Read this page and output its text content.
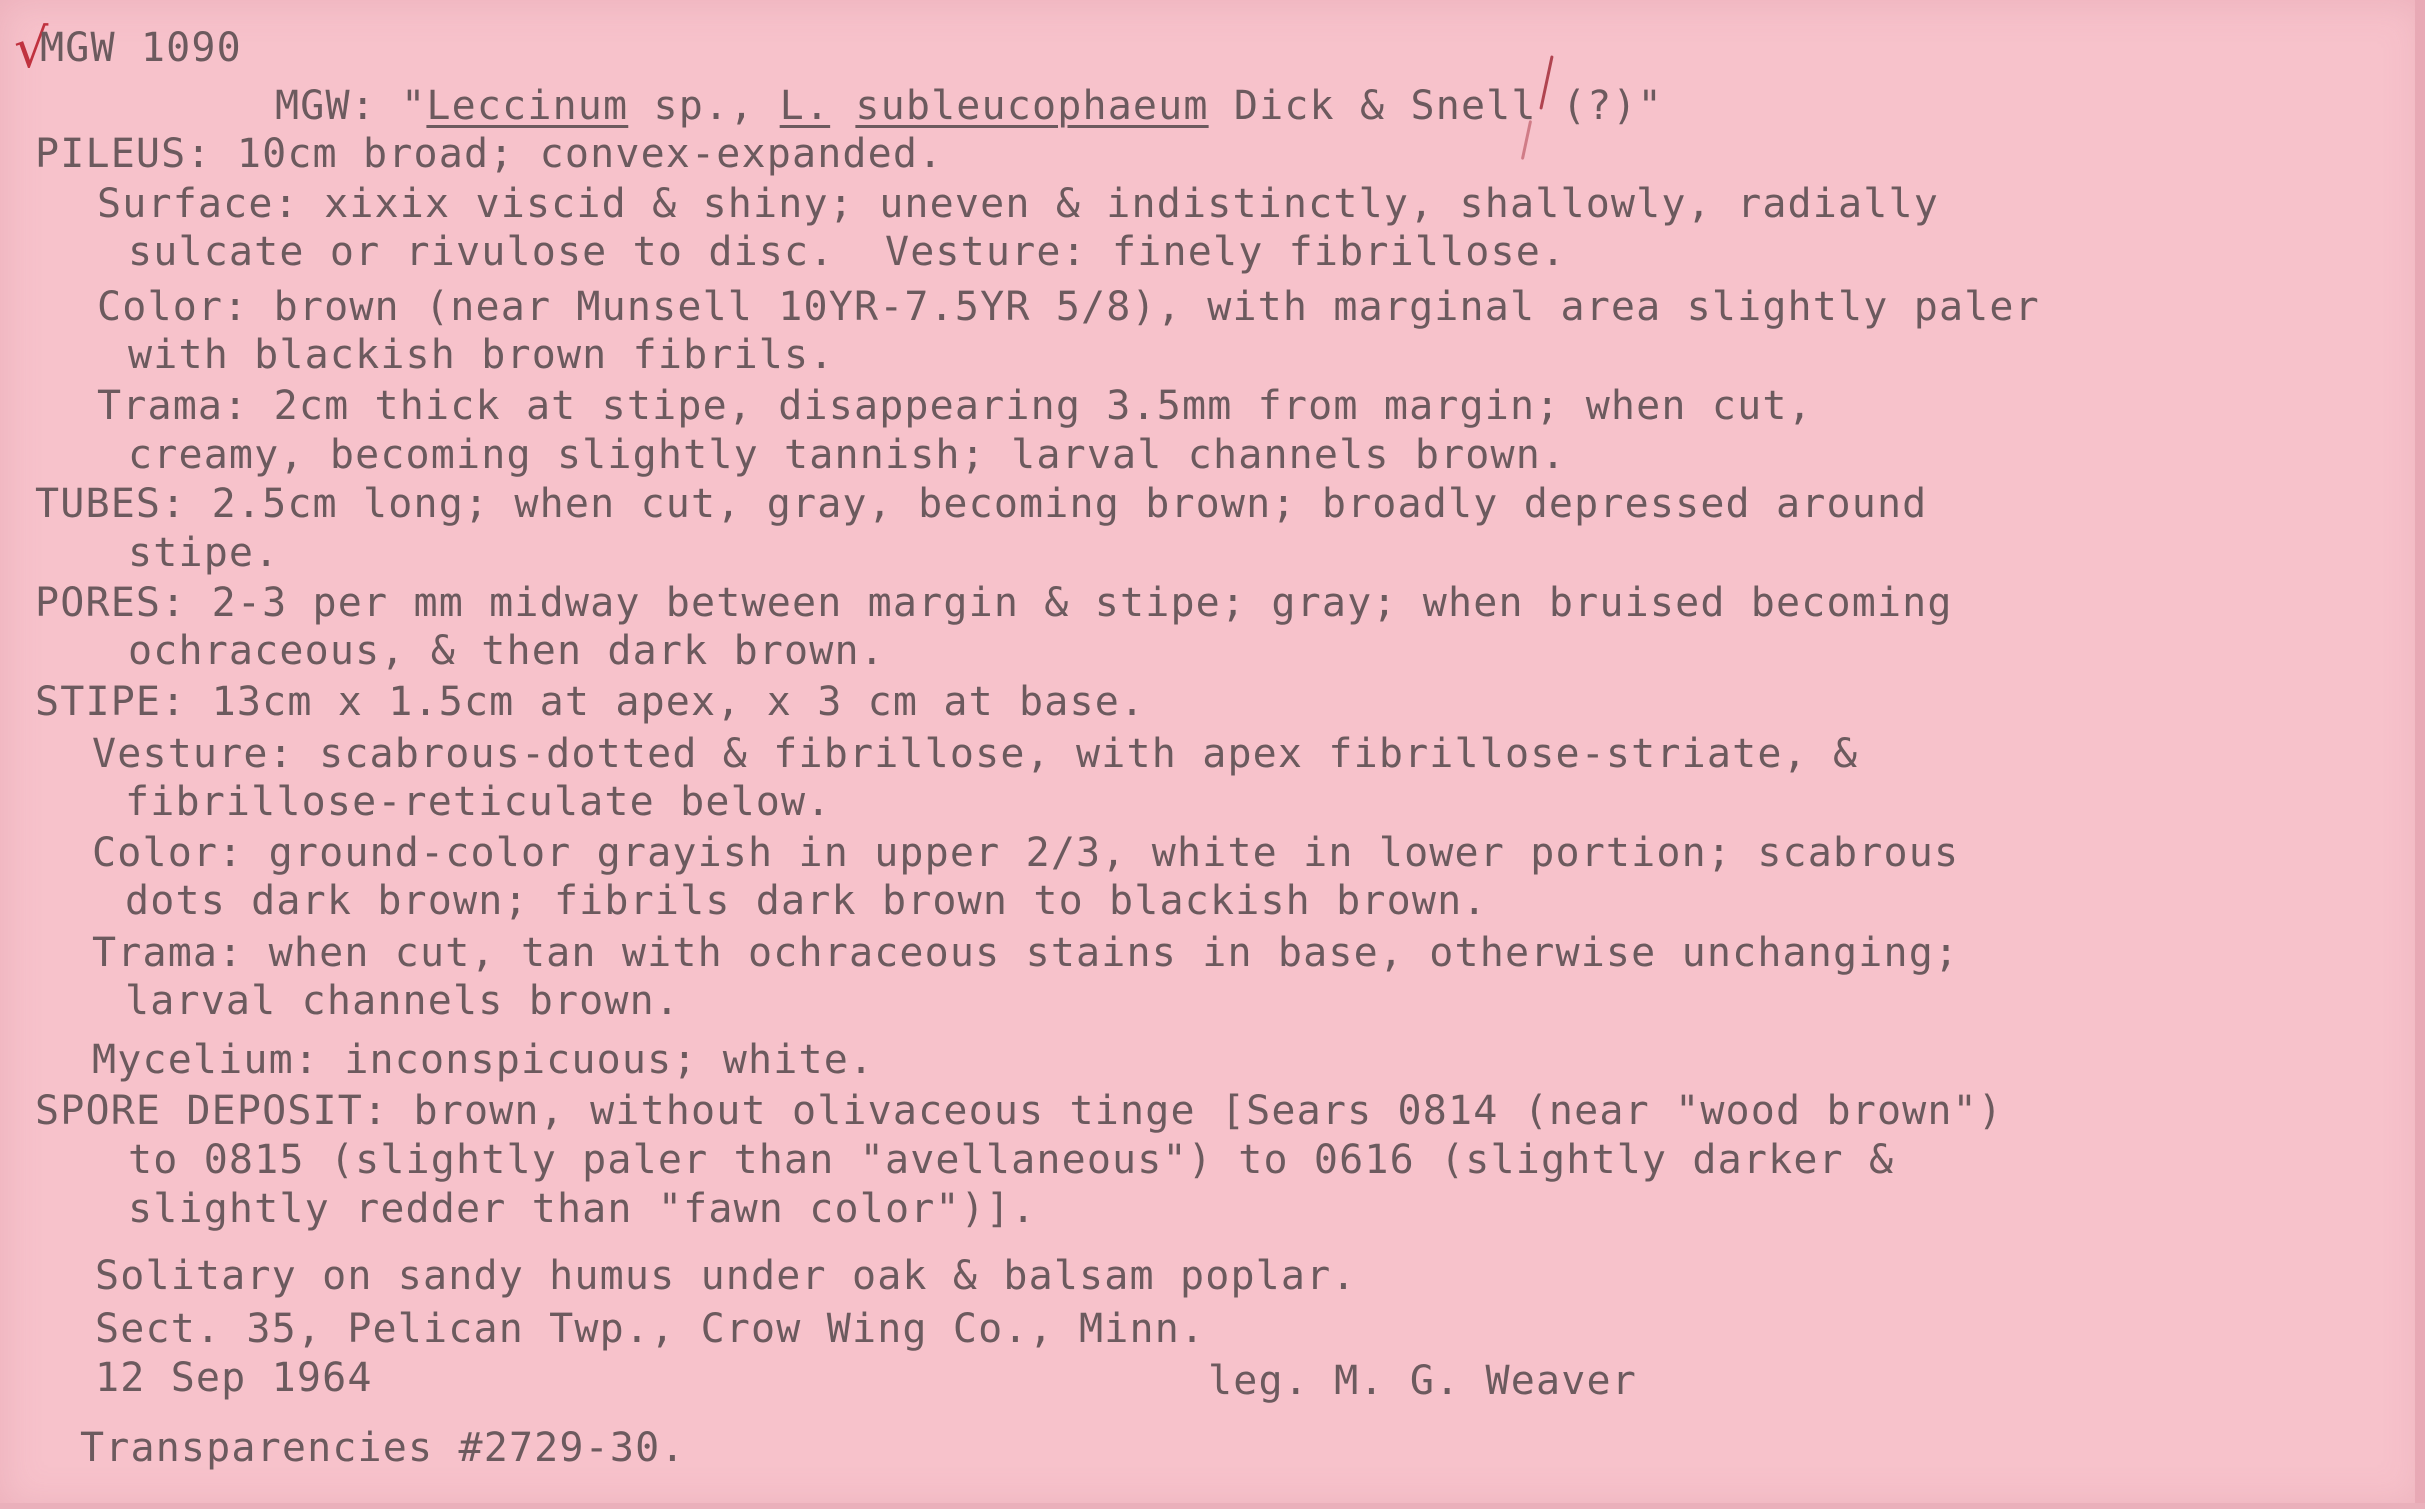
√

MGW 1090

MGW: "Leccinum sp., L. subleucophaeum Dick & Snell (?)"

PILEUS: 10cm broad; convex-expanded.

Surface: xixix viscid & shiny; uneven & indistinctly, shallowly, radially

sulcate or rivulose to disc.  Vesture: finely fibrillose.

Color: brown (near Munsell 10YR-7.5YR 5/8), with marginal area slightly paler

with blackish brown fibrils.

Trama: 2cm thick at stipe, disappearing 3.5mm from margin; when cut,

creamy, becoming slightly tannish; larval channels brown.

TUBES: 2.5cm long; when cut, gray, becoming brown; broadly depressed around

stipe.

PORES: 2-3 per mm midway between margin & stipe; gray; when bruised becoming

ochraceous, & then dark brown.

STIPE: 13cm x 1.5cm at apex, x 3 cm at base.

Vesture: scabrous-dotted & fibrillose, with apex fibrillose-striate, &

fibrillose-reticulate below.

Color: ground-color grayish in upper 2/3, white in lower portion; scabrous

dots dark brown; fibrils dark brown to blackish brown.

Trama: when cut, tan with ochraceous stains in base, otherwise unchanging;

larval channels brown.

Mycelium: inconspicuous; white.

SPORE DEPOSIT: brown, without olivaceous tinge [Sears 0814 (near "wood brown")

to 0815 (slightly paler than "avellaneous") to 0616 (slightly darker &

slightly redder than "fawn color")].

Solitary on sandy humus under oak & balsam poplar.

Sect. 35, Pelican Twp., Crow Wing Co., Minn.

12 Sep 1964	leg. M. G. Weaver

Transparencies #2729-30.
